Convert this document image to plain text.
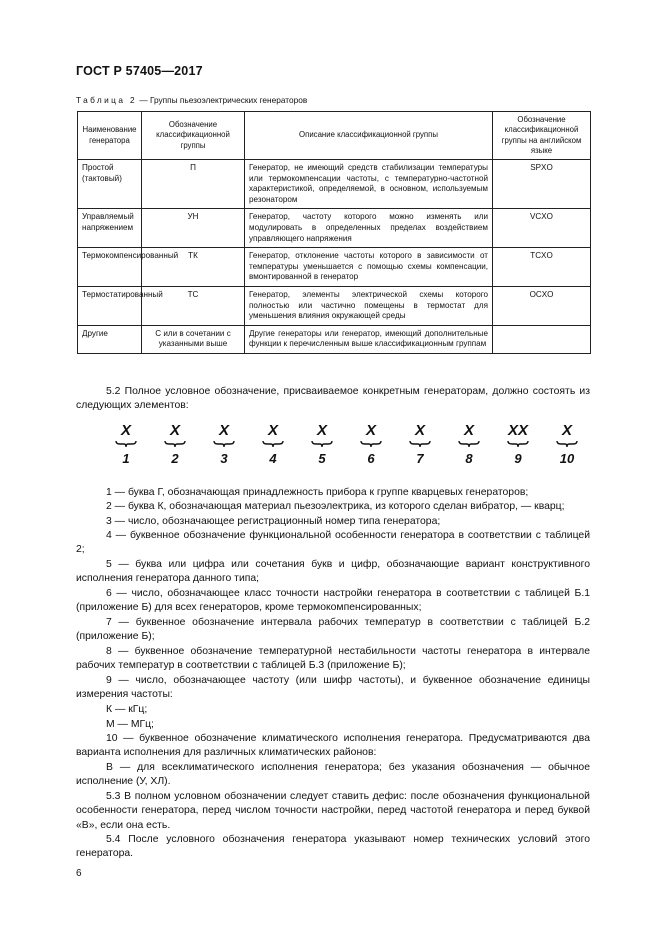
ГОСТ Р 57405—2017
Таблица 2 — Группы пьезоэлектрических генераторов
Наименование генератора	Обозначение классификационной группы	Описание классификационной группы	Обозначение классификационной группы на английском языке
Простой (тактовый)	П	Генератор, не имеющий средств стабилизации температуры или термокомпенсации частоты, с температурно-частотной характеристикой, определяемой, в основном, используемым резонатором	SPXO
Управляемый напряжением	УН	Генератор, частоту которого можно изменять или модулировать в определенных пределах воздействием управляющего напряжения	VCXO
Термокомпенсированный	ТК	Генератор, отклонение частоты которого в зависимости от температуры уменьшается с помощью схемы компенсации, вмонтированной в генератор	TCXO
Термостатированный	ТС	Генератор, элементы электрической схемы которого полностью или частично помещены в термостат для уменьшения влияния окружающей среды	OCXO
Другие	С или в сочетании с указанными выше	Другие генераторы или генератор, имеющий дополнительные функции к перечисленным выше классификационным группам	
5.2 Полное условное обозначение, присваиваемое конкретным генераторам, должно состоять из следующих элементов:
X
1
X
2
X
3
X
4
X
5
X
6
X
7
X
8
XX
9
X
10
1 — буква Г, обозначающая принадлежность прибора к группе кварцевых генераторов;
2 — буква К, обозначающая материал пьезоэлектрика, из которого сделан вибратор, — кварц;
3 — число, обозначающее регистрационный номер типа генератора;
4 — буквенное обозначение функциональной особенности генератора в соответствии с таблицей 2;
5 — буква или цифра или сочетания букв и цифр, обозначающие вариант конструктивного исполнения генератора данного типа;
6 — число, обозначающее класс точности настройки генератора в соответствии с таблицей Б.1 (приложение Б) для всех генераторов, кроме термокомпенсированных;
7 — буквенное обозначение интервала рабочих температур в соответствии с таблицей Б.2 (приложение Б);
8 — буквенное обозначение температурной нестабильности частоты генератора в интервале рабочих температур в соответствии с таблицей Б.3 (приложение Б);
9 — число, обозначающее частоту (или шифр частоты), и буквенное обозначение единицы измерения частоты:
К — кГц;
М — МГц;
10 — буквенное обозначение климатического исполнения генератора. Предусматриваются два варианта исполнения для различных климатических районов:
В — для всеклиматического исполнения генератора; без указания обозначения — обычное исполнение (У, ХЛ).
5.3 В полном условном обозначении следует ставить дефис: после обозначения функциональной особенности генератора, перед числом точности настройки, перед частотой генератора и перед буквой «В», если она есть.
5.4 После условного обозначения генератора указывают номер технических условий этого генератора.
6
